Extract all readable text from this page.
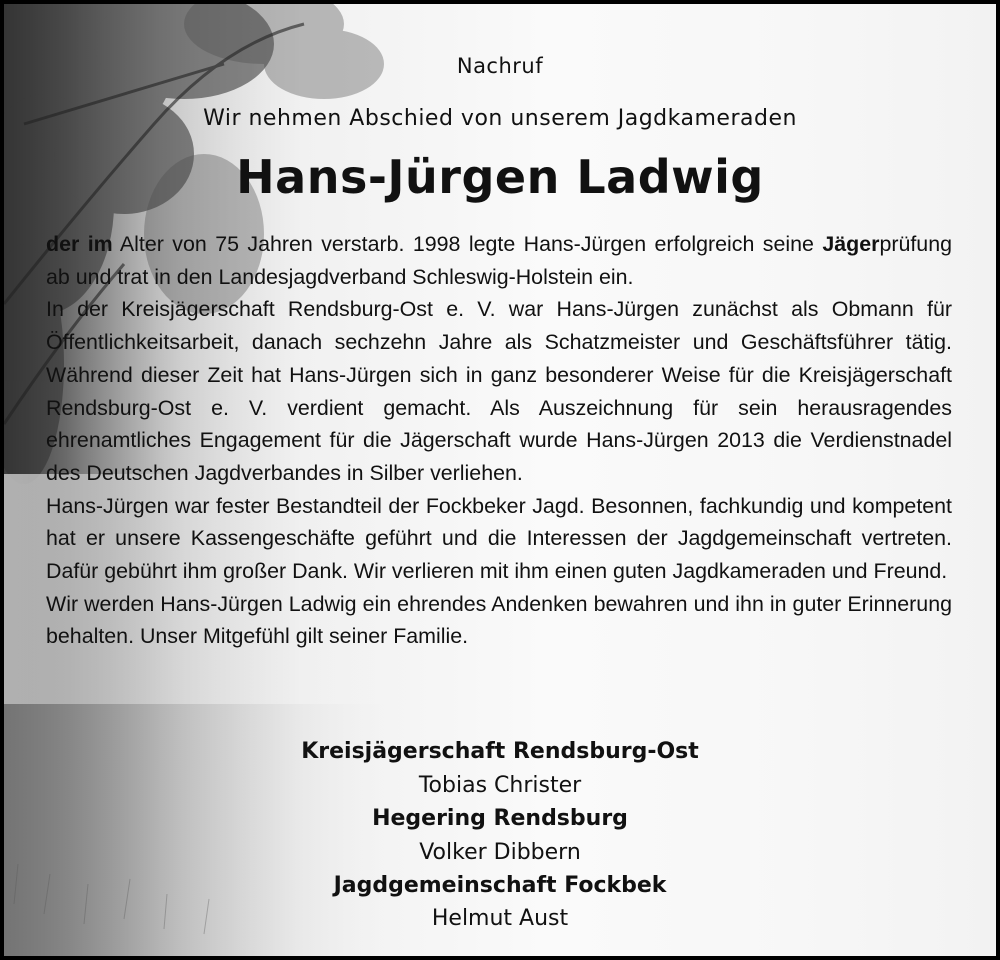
Nachruf
Wir nehmen Abschied von unserem Jagdkameraden
Hans-Jürgen Ladwig

der im Alter von 75 Jahren verstarb. 1998 legte Hans-Jürgen erfolgreich seine Jägerprüfung ab und trat in den Landesjagdverband Schleswig-Holstein ein.

In der Kreisjägerschaft Rendsburg-Ost e. V. war Hans-Jürgen zunächst als Obmann für Öffentlichkeitsarbeit, danach sechzehn Jahre als Schatzmeister und Geschäftsführer tätig. Während dieser Zeit hat Hans-Jürgen sich in ganz besonderer Weise für die Kreisjägerschaft Rendsburg-Ost e. V. verdient gemacht. Als Auszeichnung für sein herausragendes ehrenamtliches Engagement für die Jägerschaft wurde Hans-Jürgen 2013 die Verdienstnadel des Deutschen Jagdverbandes in Silber verliehen.

Hans-Jürgen war fester Bestandteil der Fockbeker Jagd. Besonnen, fachkundig und kompetent hat er unsere Kassengeschäfte geführt und die Interessen der Jagdgemeinschaft vertreten. Dafür gebührt ihm großer Dank. Wir verlieren mit ihm einen guten Jagdkameraden und Freund.

Wir werden Hans-Jürgen Ladwig ein ehrendes Andenken bewahren und ihn in guter Erinnerung behalten. Unser Mitgefühl gilt seiner Familie.

Kreisjägerschaft Rendsburg-Ost
Tobias Christer
Hegering Rendsburg
Volker Dibbern
Jagdgemeinschaft Fockbek
Helmut Aust
